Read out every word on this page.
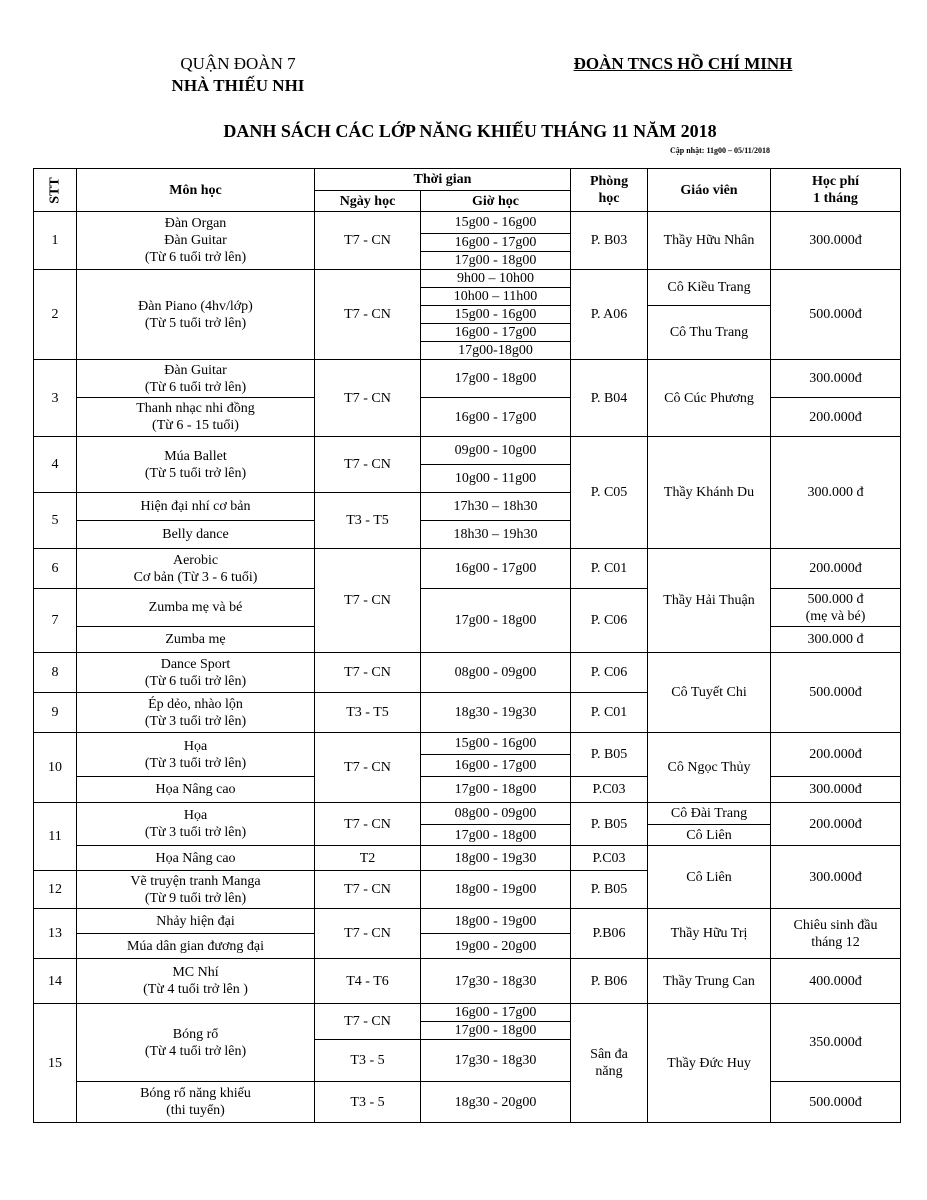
QUẬN ĐOÀN 7
NHÀ THIẾU NHI
ĐOÀN TNCS HỒ CHÍ MINH
DANH SÁCH CÁC LỚP NĂNG KHIẾU THÁNG 11 NĂM 2018
Cập nhật: 11g00 – 05/11/2018
STT	Môn học	Thời gian		Phòng
học	Giáo viên	Học phí
1 tháng
		Ngày học	Giờ học			
1	Đàn Organ
Đàn Guitar
(Từ 6 tuổi trở lên)	T7 - CN	15g00 - 16g00	P. B03	Thầy Hữu Nhân	300.000đ
			16g00 - 17g00			
			17g00 - 18g00			
2	Đàn Piano (4hv/lớp)
(Từ 5 tuổi trở lên)	T7 - CN	9h00 – 10h00	P. A06	Cô Kiều Trang	500.000đ
			10h00 – 11h00			
			15g00 - 16g00		Cô Thu Trang	
			16g00 - 17g00			
			17g00-18g00			
3	Đàn Guitar
(Từ 6 tuổi trở lên)	T7 - CN	17g00 - 18g00	P. B04	Cô Cúc Phương	300.000đ
	Thanh nhạc nhi đồng
(Từ 6 - 15 tuổi)		16g00 - 17g00			200.000đ
4	Múa Ballet
(Từ 5 tuổi trở lên)	T7 - CN	09g00 - 10g00	P. C05	Thầy Khánh Du	300.000 đ
			10g00 - 11g00			
5	Hiện đại nhí cơ bản	T3 - T5	17h30 – 18h30			
	Belly dance		18h30 – 19h30			
6	Aerobic
Cơ bản (Từ 3 - 6 tuổi)	T7 - CN	16g00 - 17g00	P. C01	Thầy Hải Thuận	200.000đ
7	Zumba mẹ và bé		17g00 - 18g00	P. C06		500.000 đ
(mẹ và bé)
	Zumba mẹ					300.000 đ
8	Dance Sport
(Từ 6 tuổi trở lên)	T7 - CN	08g00 - 09g00	P. C06	Cô Tuyết Chi	500.000đ
9	Ép dẻo, nhào lộn
(Từ 3 tuổi trở lên)	T3 - T5	18g30 - 19g30	P. C01		
10	Họa
(Từ 3 tuổi trở lên)	T7 - CN	15g00 - 16g00	P. B05	Cô Ngọc Thủy	200.000đ
			16g00 - 17g00			
	Họa Nâng cao		17g00 - 18g00	P.C03		300.000đ
11	Họa
(Từ 3 tuổi trở lên)	T7 - CN	08g00 - 09g00	P. B05	Cô Đài Trang	200.000đ
			17g00 - 18g00		Cô Liên	
	Họa Nâng cao	T2	18g00 - 19g30	P.C03	Cô Liên	300.000đ
12	Vẽ truyện tranh Manga
(Từ 9 tuổi trở lên)	T7 - CN	18g00 - 19g00	P. B05		
13	Nhảy hiện đại	T7 - CN	18g00 - 19g00	P.B06	Thầy Hữu Trị	Chiêu sinh đầu
tháng 12
	Múa dân gian đương đại		19g00 - 20g00			
14	MC Nhí
(Từ 4 tuổi trở lên )	T4 - T6	17g30 - 18g30	P. B06	Thầy Trung Can	400.000đ
15	Bóng rổ
(Từ 4 tuổi trở lên)	T7 - CN	16g00 - 17g00	Sân đa
năng	Thầy Đức Huy	350.000đ
			17g00 - 18g00			
		T3 - 5	17g30 - 18g30			
	Bóng rổ năng khiếu
(thi tuyển)	T3 - 5	18g30 - 20g00			500.000đ
